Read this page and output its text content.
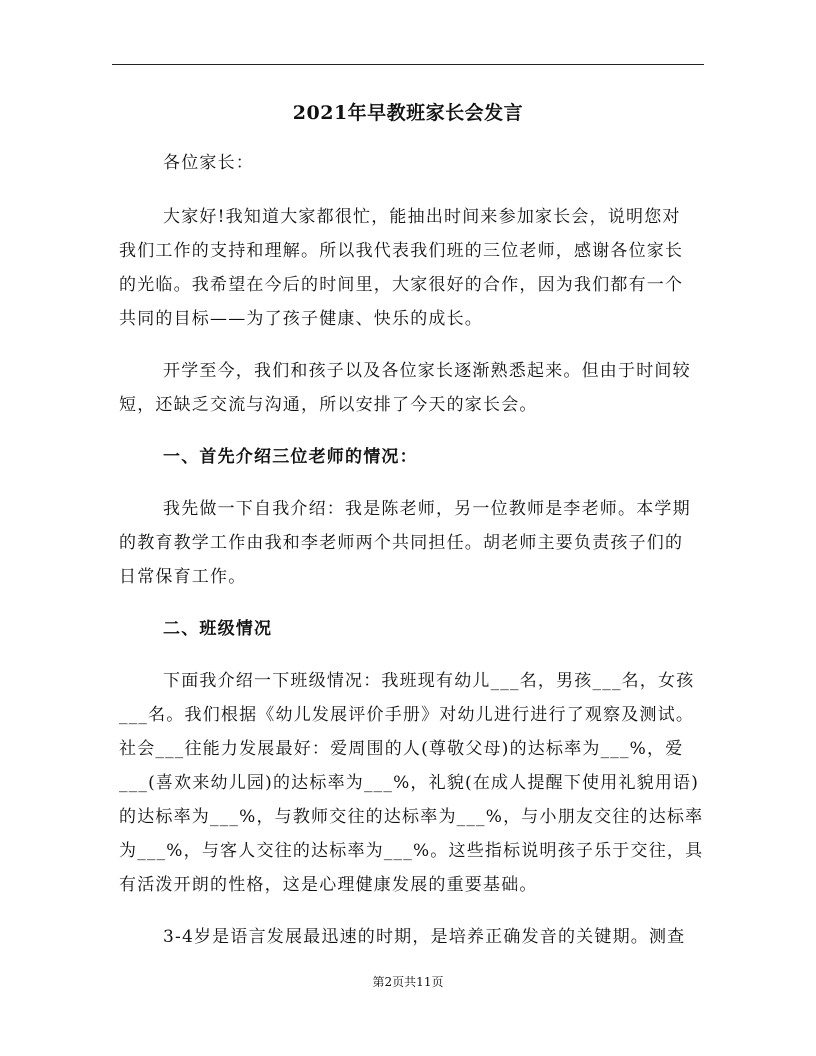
2021年早教班家长会发言
各位家长：
大家好!我知道大家都很忙，能抽出时间来参加家长会，说明您对
我们工作的支持和理解。所以我代表我们班的三位老师，感谢各位家长
的光临。我希望在今后的时间里，大家很好的合作，因为我们都有一个
共同的目标——为了孩子健康、快乐的成长。
开学至今，我们和孩子以及各位家长逐渐熟悉起来。但由于时间较
短，还缺乏交流与沟通，所以安排了今天的家长会。
一、首先介绍三位老师的情况：
我先做一下自我介绍：我是陈老师，另一位教师是李老师。本学期
的教育教学工作由我和李老师两个共同担任。胡老师主要负责孩子们的
日常保育工作。
二、班级情况
下面我介绍一下班级情况：我班现有幼儿___名，男孩___名，女孩
___名。我们根据《幼儿发展评价手册》对幼儿进行进行了观察及测试。
社会___往能力发展最好：爱周围的人(尊敬父母)的达标率为___%，爱
___(喜欢来幼儿园)的达标率为___%，礼貌(在成人提醒下使用礼貌用语)
的达标率为___%，与教师交往的达标率为___%，与小朋友交往的达标率
为___%，与客人交往的达标率为___%。这些指标说明孩子乐于交往，具
有活泼开朗的性格，这是心理健康发展的重要基础。
3-4岁是语言发展最迅速的时期，是培养正确发音的关键期。测查
第2页共11页
